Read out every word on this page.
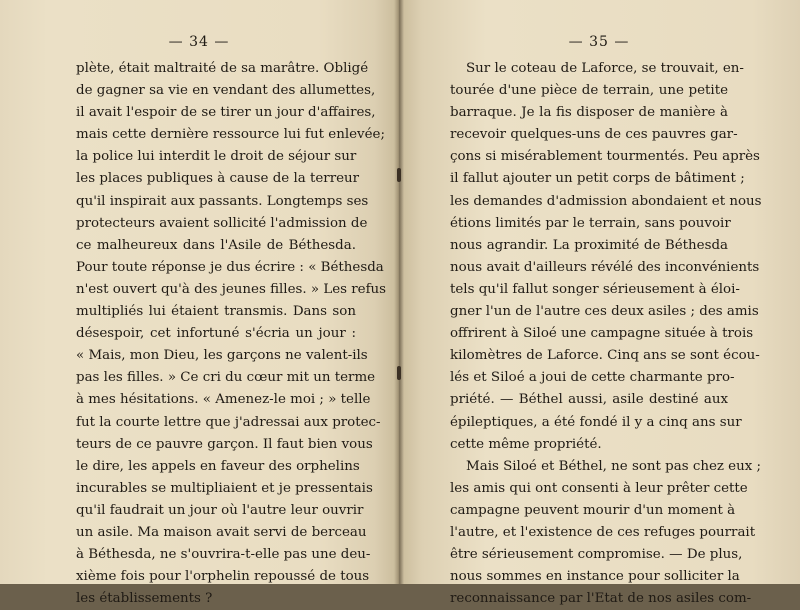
— 34 —
plète, était maltraité de sa marâtre. Obligé
de gagner sa vie en vendant des allumettes,
il avait l'espoir de se tirer un jour d'affaires,
mais cette dernière ressource lui fut enlevée;
la police lui interdit le droit de séjour sur
les places publiques à cause de la terreur
qu'il inspirait aux passants. Longtemps ses
protecteurs avaient sollicité l'admission de
ce malheureux dans l'Asile de Béthesda.
Pour toute réponse je dus écrire : « Béthesda
n'est ouvert qu'à des jeunes filles. » Les refus
multipliés lui étaient transmis. Dans son
désespoir, cet infortuné s'écria un jour :
« Mais, mon Dieu, les garçons ne valent-ils
pas les filles. » Ce cri du cœur mit un terme
à mes hésitations. « Amenez-le moi ; » telle
fut la courte lettre que j'adressai aux protec-
teurs de ce pauvre garçon. Il faut bien vous
le dire, les appels en faveur des orphelins
incurables se multipliaient et je pressentais
qu'il faudrait un jour où l'autre leur ouvrir
un asile. Ma maison avait servi de berceau
à Béthesda, ne s'ouvrira-t-elle pas une deu-
xième fois pour l'orphelin repoussé de tous
les établissements ?
— 35 —
Sur le coteau de Laforce, se trouvait, en-
tourée d'une pièce de terrain, une petite
barraque. Je la fis disposer de manière à
recevoir quelques-uns de ces pauvres gar-
çons si misérablement tourmentés. Peu après
il fallut ajouter un petit corps de bâtiment ;
les demandes d'admission abondaient et nous
étions limités par le terrain, sans pouvoir
nous agrandir. La proximité de Béthesda
nous avait d'ailleurs révélé des inconvénients
tels qu'il fallut songer sérieusement à éloi-
gner l'un de l'autre ces deux asiles ; des amis
offrirent à Siloé une campagne située à trois
kilomètres de Laforce. Cinq ans se sont écou-
lés et Siloé a joui de cette charmante pro-
priété. — Béthel aussi, asile destiné aux
épileptiques, a été fondé il y a cinq ans sur
cette même propriété.
Mais Siloé et Béthel, ne sont pas chez eux ;
les amis qui ont consenti à leur prêter cette
campagne peuvent mourir d'un moment à
l'autre, et l'existence de ces refuges pourrait
être sérieusement compromise. — De plus,
nous sommes en instance pour solliciter la
reconnaissance par l'Etat de nos asiles com-
